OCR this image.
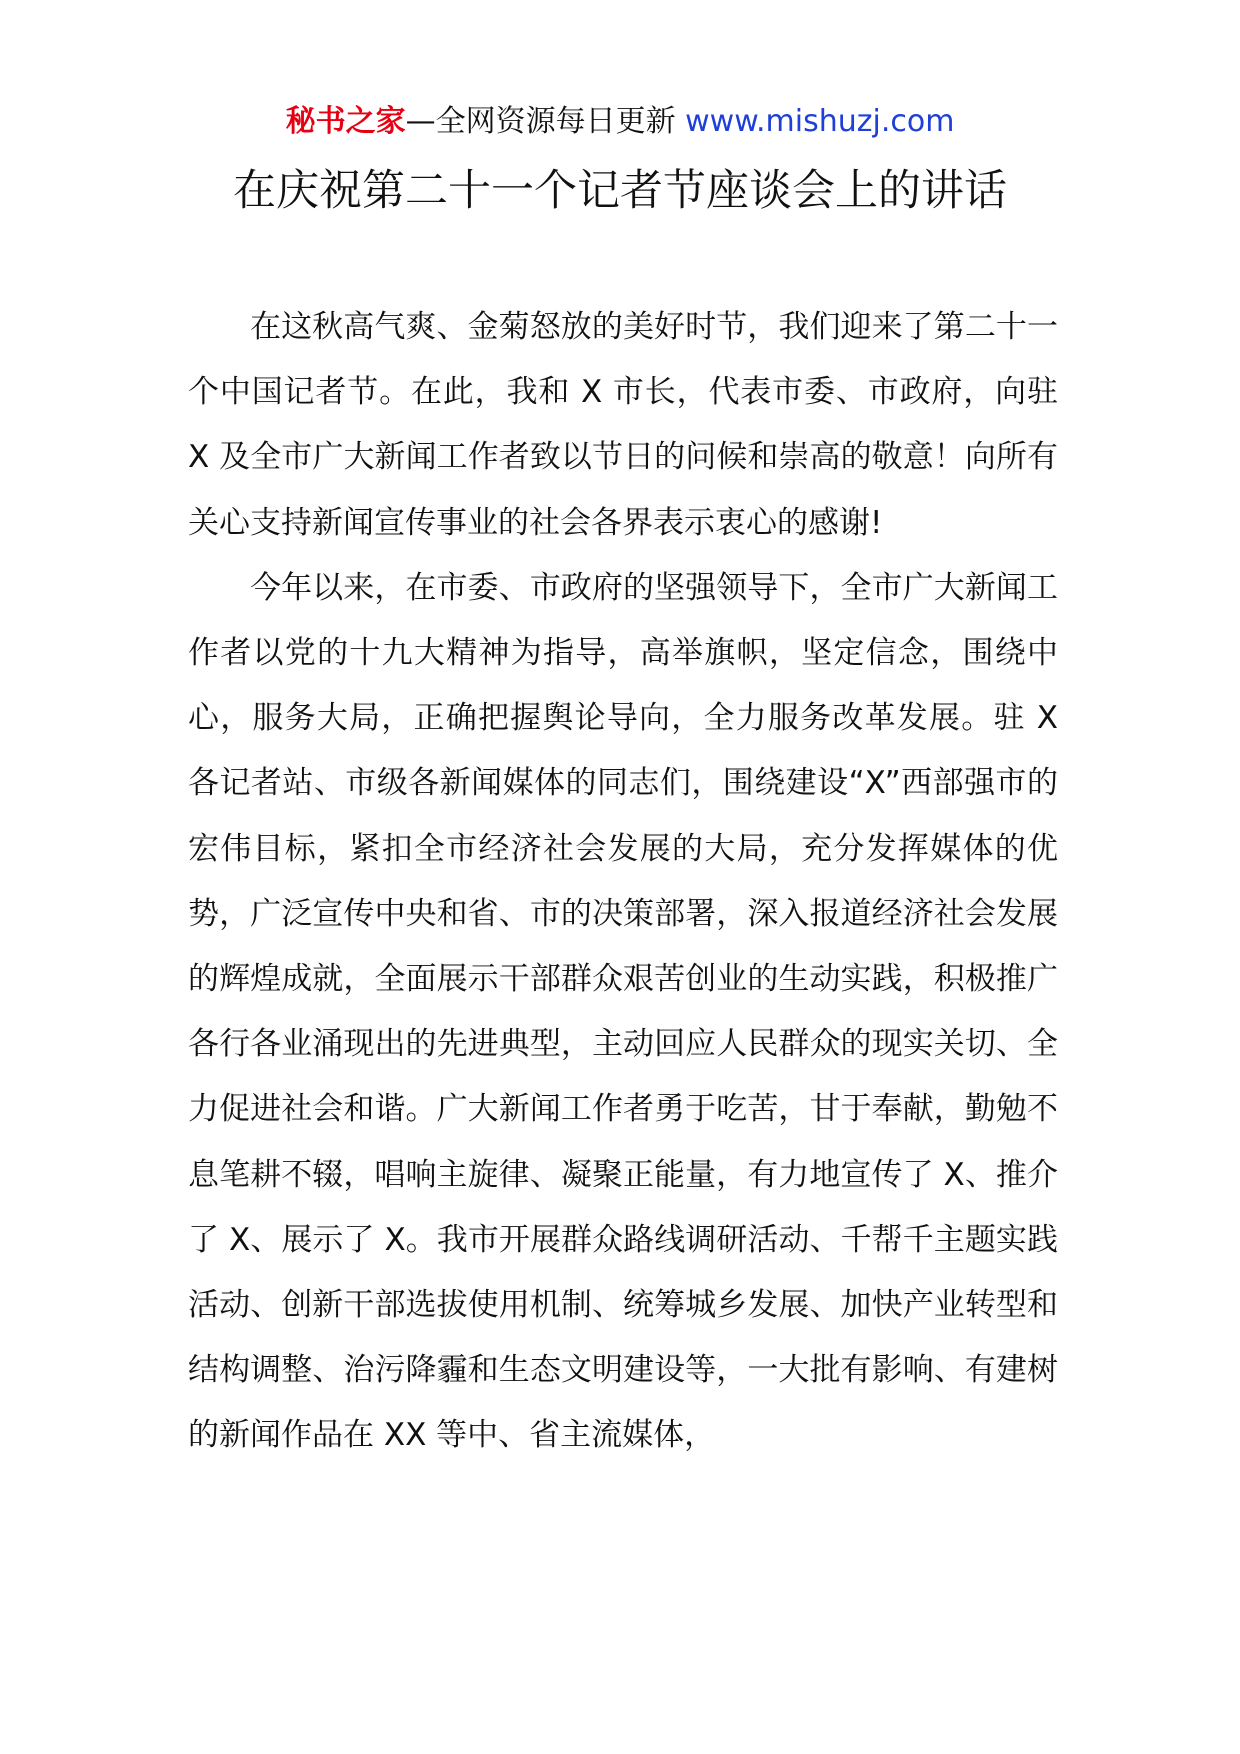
秘书之家—全网资源每日更新 www.mishuzj.com
在庆祝第二十一个记者节座谈会上的讲话

在这秋高气爽、金菊怒放的美好时节，我们迎来了第二十一个中国记者节。在此，我和 X 市长，代表市委、市政府，向驻 X 及全市广大新闻工作者致以节日的问候和崇高的敬意！向所有关心支持新闻宣传事业的社会各界表示衷心的感谢!

今年以来，在市委、市政府的坚强领导下，全市广大新闻工作者以党的十九大精神为指导，高举旗帜，坚定信念，围绕中心，服务大局，正确把握舆论导向，全力服务改革发展。驻 X 各记者站、市级各新闻媒体的同志们，围绕建设“X”西部强市的宏伟目标，紧扣全市经济社会发展的大局，充分发挥媒体的优势，广泛宣传中央和省、市的决策部署，深入报道经济社会发展的辉煌成就，全面展示干部群众艰苦创业的生动实践，积极推广各行各业涌现出的先进典型，主动回应人民群众的现实关切、全力促进社会和谐。广大新闻工作者勇于吃苦，甘于奉献，勤勉不息笔耕不辍，唱响主旋律、凝聚正能量，有力地宣传了 X、推介了 X、展示了 X。我市开展群众路线调研活动、千帮千主题实践活动、创新干部选拔使用机制、统筹城乡发展、加快产业转型和结构调整、治污降霾和生态文明建设等，一大批有影响、有建树的新闻作品在 XX 等中、省主流媒体，
